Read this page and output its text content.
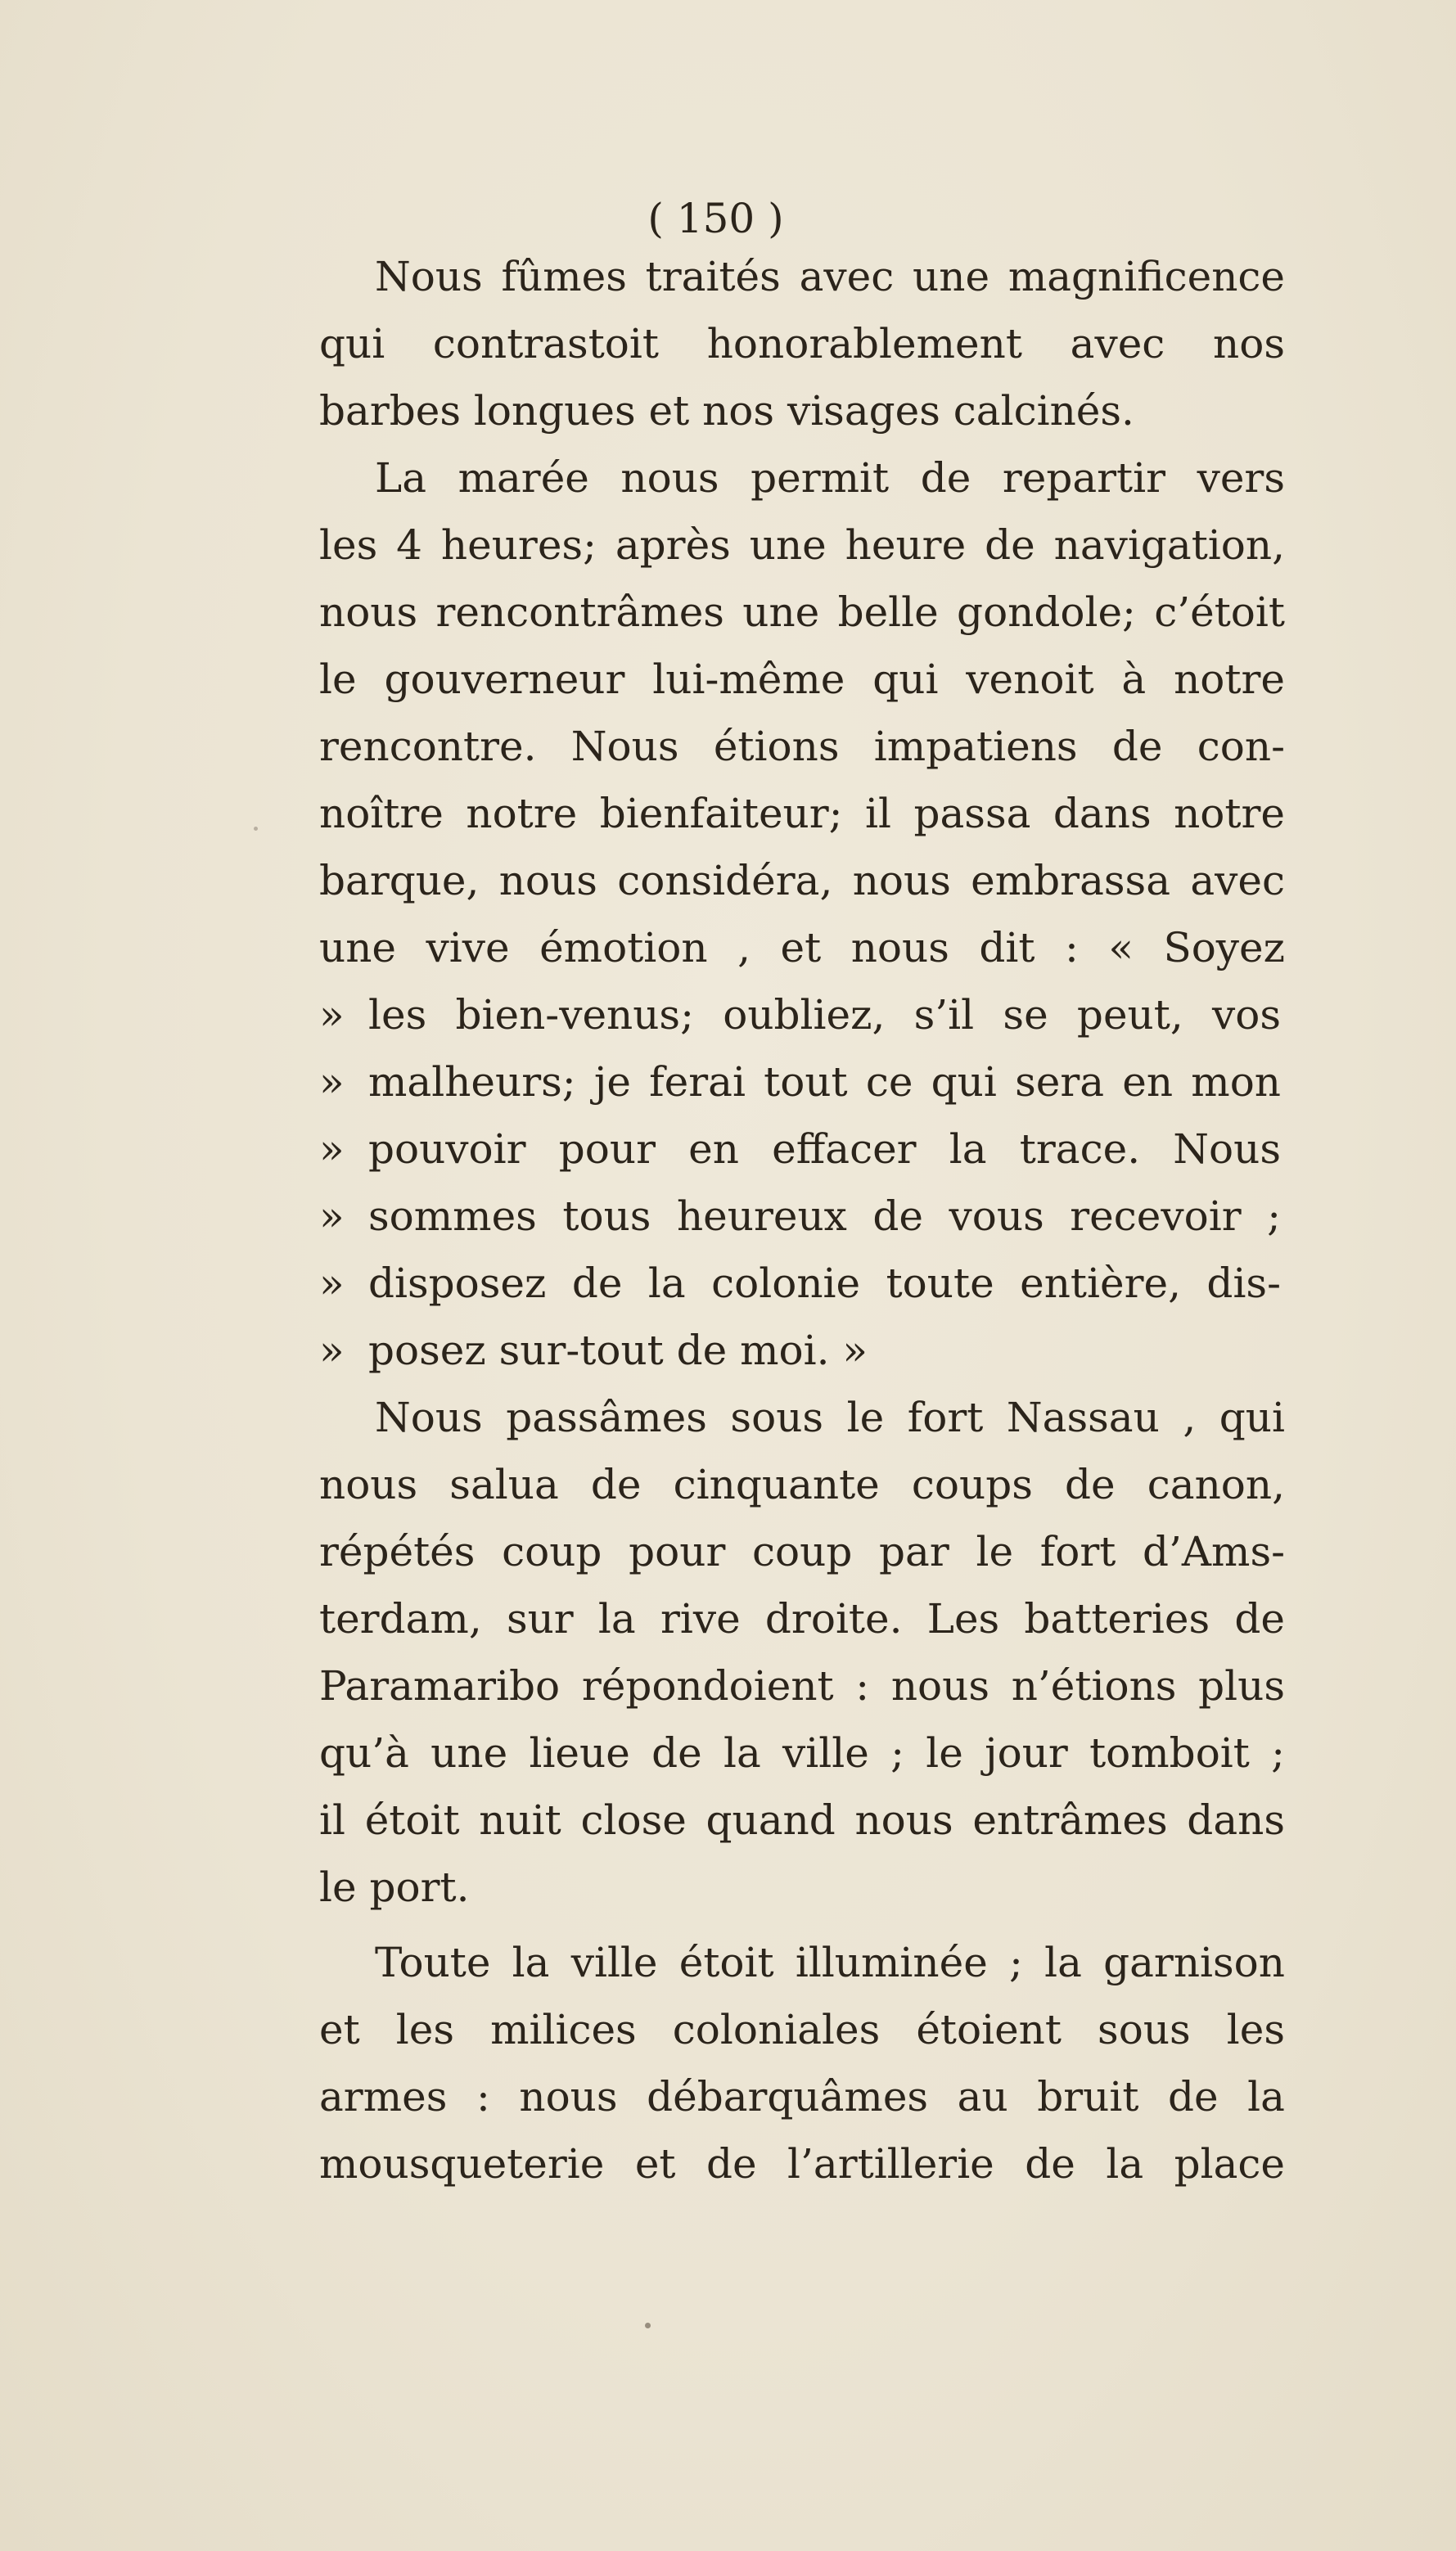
( 150 )
Nous fûmes traités avec une magnificence
qui contrastoit honorablement avec nos
barbes longues et nos visages calcinés.
La marée nous permit de repartir vers
les 4 heures; après une heure de navigation,
nous rencontrâmes une belle gondole; c’étoit
le gouverneur lui-même qui venoit à notre
rencontre. Nous étions impatiens de con-
noître notre bienfaiteur; il passa dans notre
barque, nous considéra, nous embrassa avec
une vive émotion , et nous dit : « Soyez
» les bien-venus; oubliez, s’il se peut, vos
» malheurs; je ferai tout ce qui sera en mon
» pouvoir pour en effacer la trace. Nous
» sommes tous heureux de vous recevoir ;
» disposez de la colonie toute entière, dis-
» posez sur-tout de moi. »
Nous passâmes sous le fort Nassau , qui
nous salua de cinquante coups de canon,
répétés coup pour coup par le fort d’Ams-
terdam, sur la rive droite. Les batteries de
Paramaribo répondoient : nous n’étions plus
qu’à une lieue de la ville ; le jour tomboit ;
il étoit nuit close quand nous entrâmes dans
le port.
Toute la ville étoit illuminée ; la garnison
et les milices coloniales étoient sous les
armes : nous débarquâmes au bruit de la
mousqueterie et de l’artillerie de la place
